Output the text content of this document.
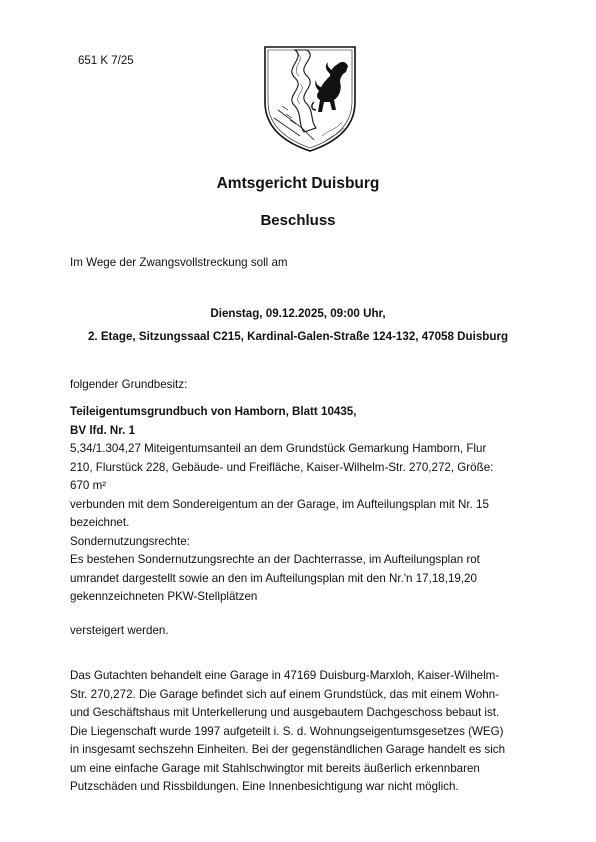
651 K 7/25
Amtsgericht Duisburg
Beschluss
Im Wege der Zwangsvollstreckung soll am
Dienstag, 09.12.2025, 09:00 Uhr,
2. Etage, Sitzungssaal C215, Kardinal-Galen-Straße 124-132, 47058 Duisburg
folgender Grundbesitz:
Teileigentumsgrundbuch von Hamborn, Blatt 10435,
BV lfd. Nr. 1
5,34/1.304,27 Miteigentumsanteil an dem Grundstück Gemarkung Hamborn, Flur
210, Flurstück 228, Gebäude- und Freifläche, Kaiser-Wilhelm-Str. 270,272, Größe:
670 m²
verbunden mit dem Sondereigentum an der Garage, im Aufteilungsplan mit Nr. 15
bezeichnet.
Sondernutzungsrechte:
Es bestehen Sondernutzungsrechte an der Dachterrasse, im Aufteilungsplan rot
umrandet dargestellt sowie an den im Aufteilungsplan mit den Nr.'n 17,18,19,20
gekennzeichneten PKW-Stellplätzen
versteigert werden.
Das Gutachten behandelt eine Garage in 47169 Duisburg-Marxloh, Kaiser-Wilhelm-
Str. 270,272. Die Garage befindet sich auf einem Grundstück, das mit einem Wohn-
und Geschäftshaus mit Unterkellerung und ausgebautem Dachgeschoss bebaut ist.
Die Liegenschaft wurde 1997 aufgeteilt i. S. d. Wohnungseigentumsgesetzes (WEG)
in insgesamt sechszehn Einheiten. Bei der gegenständlichen Garage handelt es sich
um eine einfache Garage mit Stahlschwingtor mit bereits äußerlich erkennbaren
Putzschäden und Rissbildungen. Eine Innenbesichtigung war nicht möglich.
